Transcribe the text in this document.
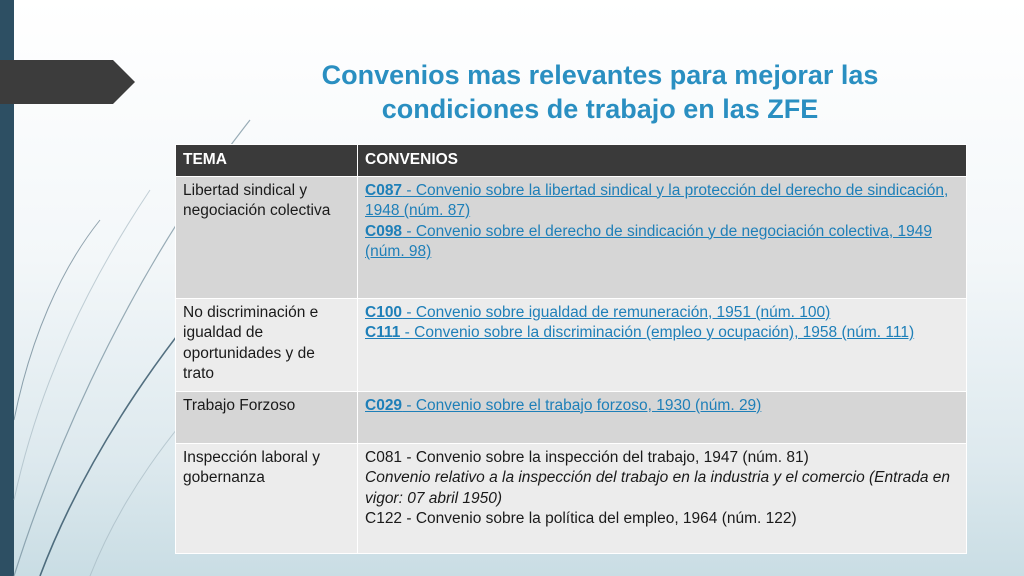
Convenios mas relevantes para mejorar las
condiciones de trabajo en las ZFE
TEMA	CONVENIOS
Libertad sindical y negociación colectiva	C087 - Convenio sobre la libertad sindical y la protección del derecho de sindicación, 1948 (núm. 87)
C098 - Convenio sobre el derecho de sindicación y de negociación colectiva, 1949 (núm. 98)

No discriminación e igualdad de oportunidades y de trato	C100 - Convenio sobre igualdad de remuneración, 1951 (núm. 100)
C111 - Convenio sobre la discriminación (empleo y ocupación), 1958 (núm. 111)

Trabajo Forzoso	C029 - Convenio sobre el trabajo forzoso, 1930 (núm. 29)

Inspección laboral y gobernanza	C081 - Convenio sobre la inspección del trabajo, 1947 (núm. 81)
Convenio relativo a la inspección del trabajo en la industria y el comercio (Entrada en vigor: 07 abril 1950)
C122 - Convenio sobre la política del empleo, 1964 (núm. 122)
